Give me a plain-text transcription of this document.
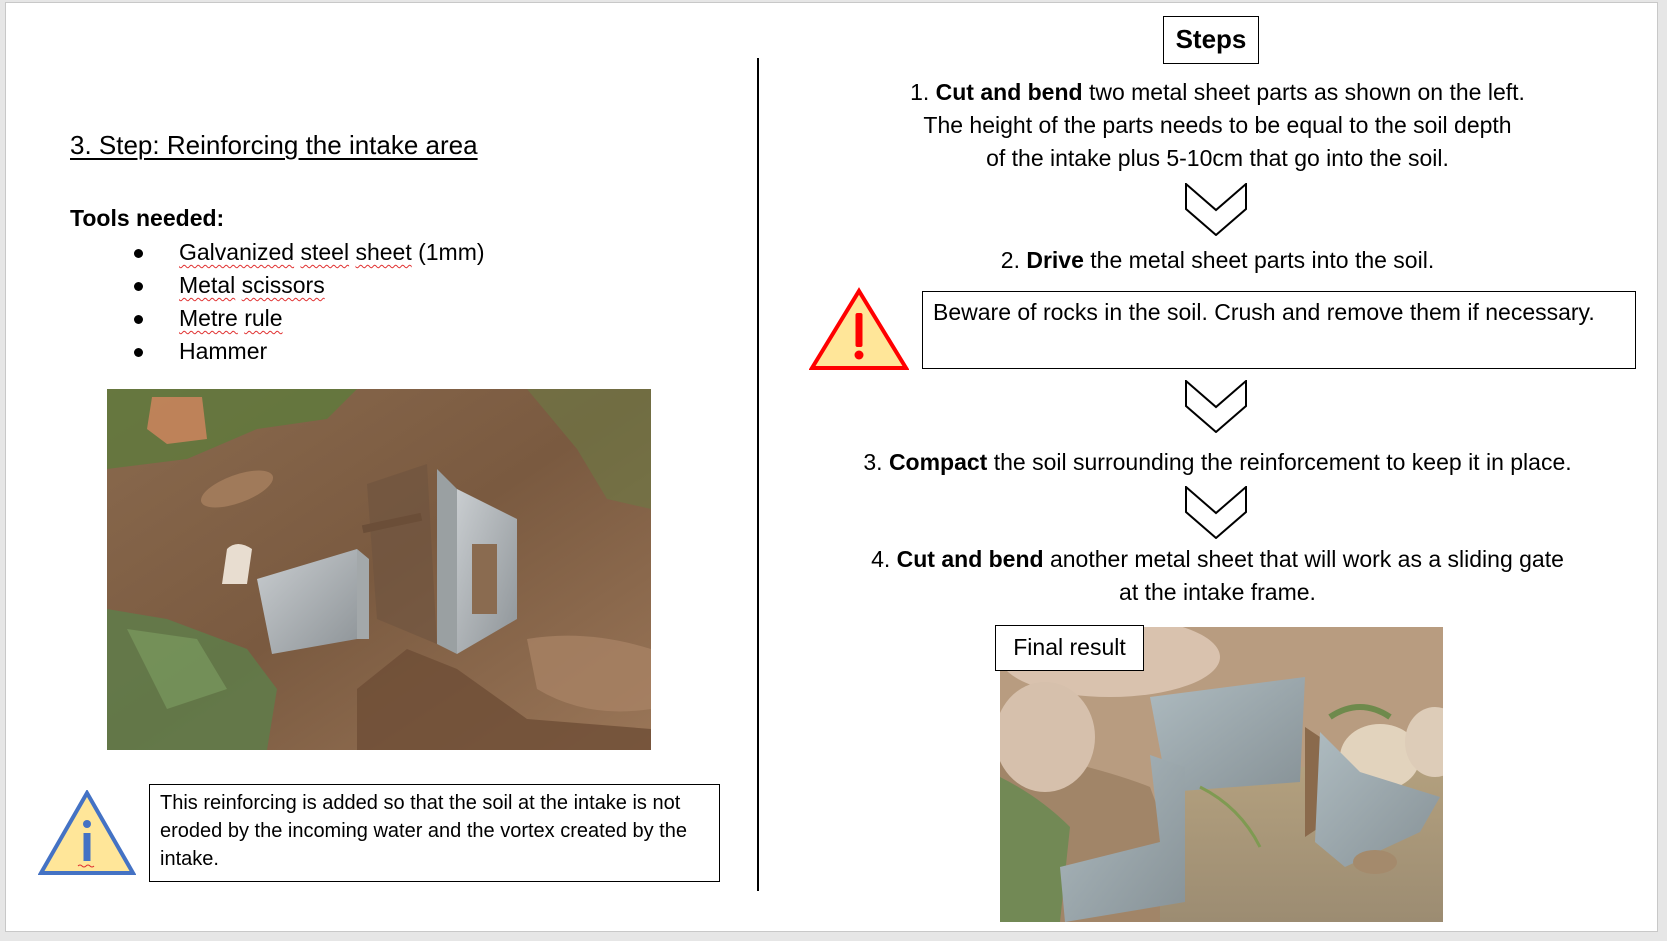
3. Step: Reinforcing the intake area
Tools needed:
Galvanized steel sheet (1mm)
Metal scissors
Metre rule
Hammer
This reinforcing is added so that the soil at the intake is not eroded by the incoming water and the vortex created by the intake.
Steps
1. Cut and bend two metal sheet parts as shown on the left.
The height of the parts needs to be equal to the soil depth
of the intake plus 5-10cm that go into the soil.
2. Drive the metal sheet parts into the soil.
Beware of rocks in the soil. Crush and remove them if necessary.
3. Compact the soil surrounding the reinforcement to keep it in place.
4. Cut and bend another metal sheet that will work as a sliding gate
at the intake frame.
Final result
